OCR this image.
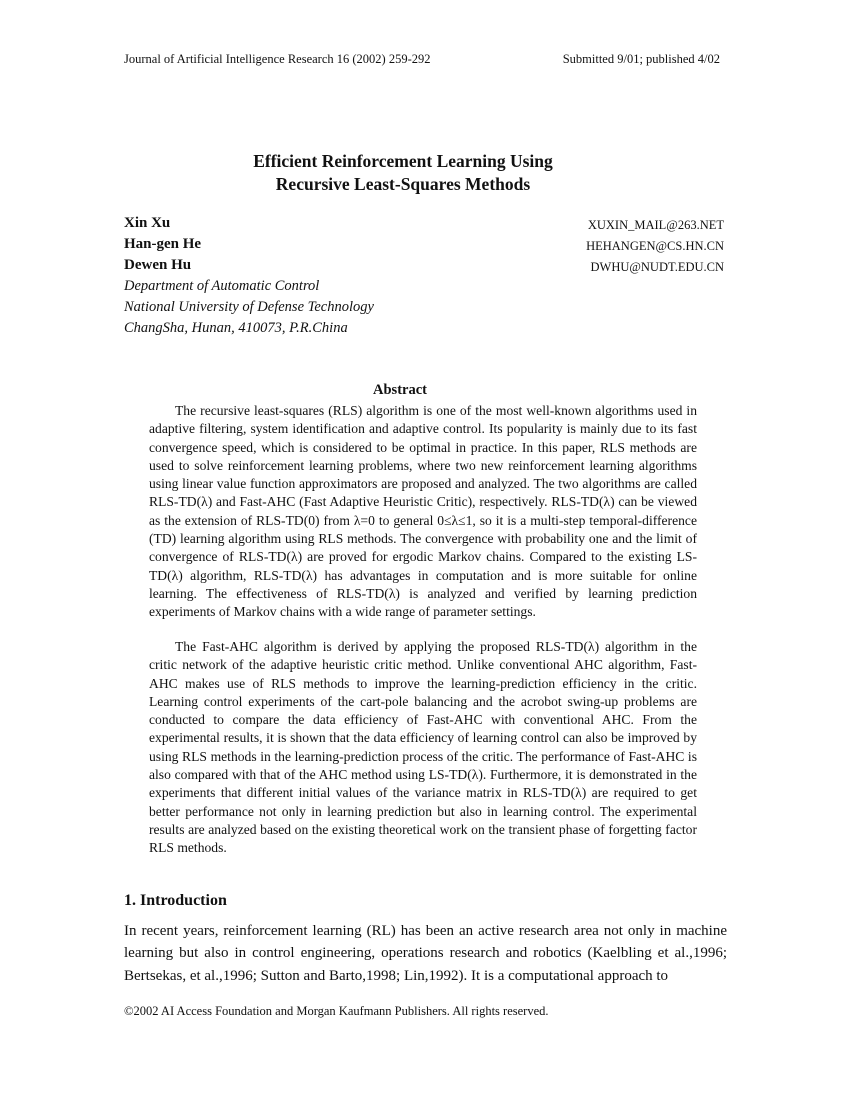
Journal of Artificial Intelligence Research 16 (2002) 259-292	Submitted 9/01; published 4/02
Efficient Reinforcement Learning Using
Recursive Least-Squares Methods
Xin Xu	XUXIN_MAIL@263.NET
Han-gen He	HEHANGEN@CS.HN.CN
Dewen Hu	DWHU@NUDT.EDU.CN
Department of Automatic Control
National University of Defense Technology
ChangSha, Hunan, 410073, P.R.China
Abstract

The recursive least-squares (RLS) algorithm is one of the most well-known algorithms used in adaptive filtering, system identification and adaptive control. Its popularity is mainly due to its fast convergence speed, which is considered to be optimal in practice. In this paper, RLS methods are used to solve reinforcement learning problems, where two new reinforcement learning algorithms using linear value function approximators are proposed and analyzed. The two algorithms are called RLS-TD(λ) and Fast-AHC (Fast Adaptive Heuristic Critic), respectively. RLS-TD(λ) can be viewed as the extension of RLS-TD(0) from λ=0 to general 0≤λ≤1, so it is a multi-step temporal-difference (TD) learning algorithm using RLS methods. The convergence with probability one and the limit of convergence of RLS-TD(λ) are proved for ergodic Markov chains. Compared to the existing LS-TD(λ) algorithm, RLS-TD(λ) has advantages in computation and is more suitable for online learning. The effectiveness of RLS-TD(λ) is analyzed and verified by learning prediction experiments of Markov chains with a wide range of parameter settings.

The Fast-AHC algorithm is derived by applying the proposed RLS-TD(λ) algorithm in the critic network of the adaptive heuristic critic method. Unlike conventional AHC algorithm, Fast-AHC makes use of RLS methods to improve the learning-prediction efficiency in the critic. Learning control experiments of the cart-pole balancing and the acrobot swing-up problems are conducted to compare the data efficiency of Fast-AHC with conventional AHC. From the experimental results, it is shown that the data efficiency of learning control can also be improved by using RLS methods in the learning-prediction process of the critic. The performance of Fast-AHC is also compared with that of the AHC method using LS-TD(λ). Furthermore, it is demonstrated in the experiments that different initial values of the variance matrix in RLS-TD(λ) are required to get better performance not only in learning prediction but also in learning control. The experimental results are analyzed based on the existing theoretical work on the transient phase of forgetting factor RLS methods.

1. Introduction

In recent years, reinforcement learning (RL) has been an active research area not only in machine learning but also in control engineering, operations research and robotics (Kaelbling et al.,1996; Bertsekas, et al.,1996; Sutton and Barto,1998; Lin,1992). It is a computational approach to

©2002 AI Access Foundation and Morgan Kaufmann Publishers. All rights reserved.
